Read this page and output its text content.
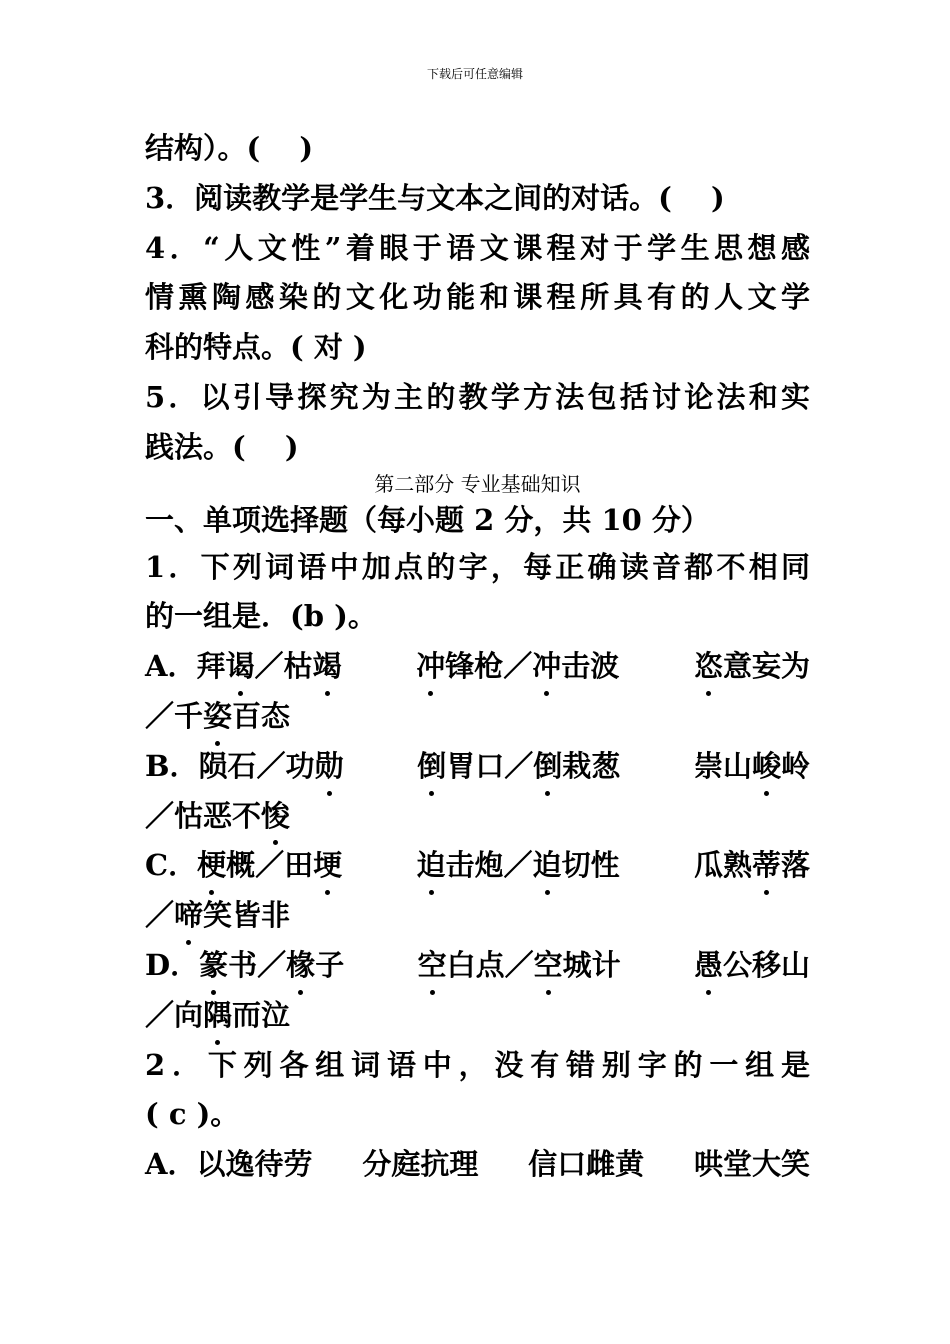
下载后可任意编辑
结构）。(　 )
3．阅读教学是学生与文本之间的对话。(　 )
4．“人文性”着眼于语文课程对于学生思想感
情熏陶感染的文化功能和课程所具有的人文学
科的特点。( 对 )
5．以引导探究为主的教学方法包括讨论法和实
践法。(　 )
第二部分 专业基础知识
一、单项选择题（每小题 2 分，共 10 分）
1．下列词语中加点的字，每正确读音都不相同
的一组是．(b )。
A．拜谒／枯竭	冲锋枪／冲击波	恣意妄为
／千姿百态
B．陨石／功勋	倒胃口／倒栽葱	崇山峻岭
／怙恶不悛
C．梗概／田埂	迫击炮／迫切性	瓜熟蒂落
／啼笑皆非
D．篆书／椽子	空白点／空城计	愚公移山
／向隅而泣
2．下列各组词语中，没有错别字的一组是
( c )。
A．以逸待劳 分庭抗理 信口雌黄 哄堂大笑
